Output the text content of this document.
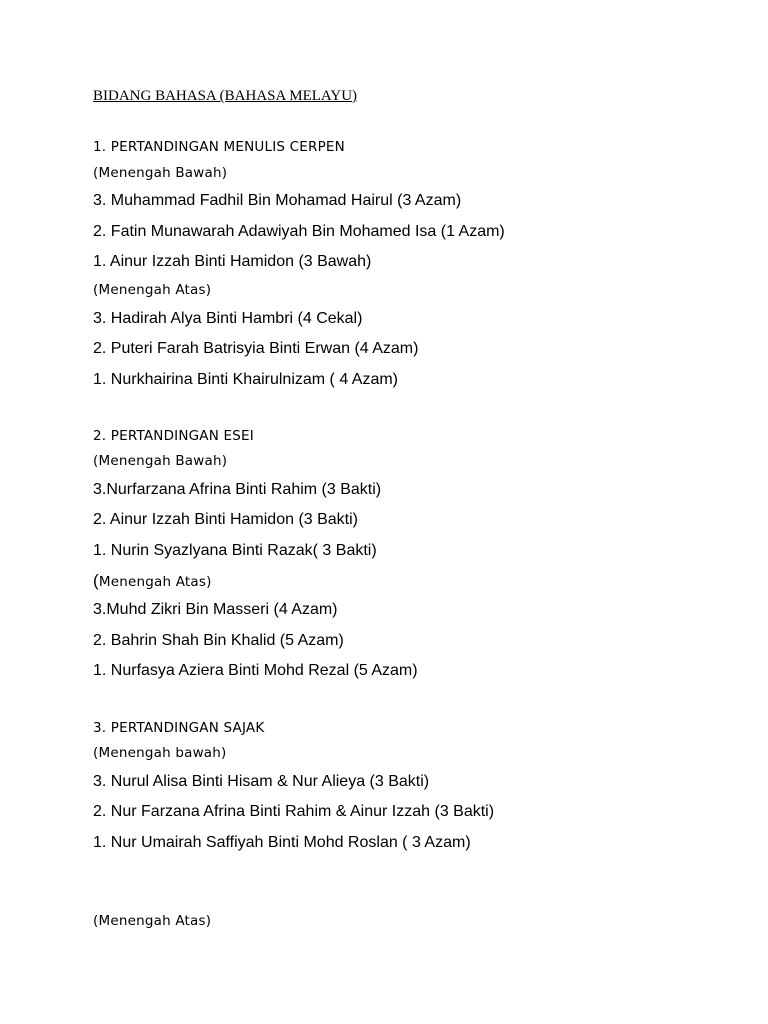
BIDANG BAHASA (BAHASA MELAYU)
1. PERTANDINGAN MENULIS CERPEN
(Menengah Bawah)
3. Muhammad Fadhil Bin Mohamad Hairul (3 Azam)
2. Fatin Munawarah Adawiyah Bin Mohamed Isa (1 Azam)
1. Ainur Izzah Binti Hamidon (3 Bawah)
(Menengah Atas)
3. Hadirah Alya Binti Hambri (4 Cekal)
2. Puteri Farah Batrisyia Binti Erwan (4 Azam)
1. Nurkhairina Binti Khairulnizam ( 4 Azam)
2. PERTANDINGAN ESEI
(Menengah Bawah)
3.Nurfarzana Afrina Binti Rahim (3 Bakti)
2. Ainur Izzah Binti Hamidon (3 Bakti)
1. Nurin Syazlyana Binti Razak( 3 Bakti)
(Menengah Atas)
3.Muhd Zikri Bin Masseri (4 Azam)
2. Bahrin Shah Bin Khalid (5 Azam)
1. Nurfasya Aziera Binti Mohd Rezal (5 Azam)
3. PERTANDINGAN SAJAK
(Menengah bawah)
3. Nurul Alisa Binti Hisam & Nur Alieya (3 Bakti)
2. Nur Farzana Afrina Binti Rahim & Ainur Izzah (3 Bakti)
1. Nur Umairah Saffiyah Binti Mohd Roslan ( 3 Azam)
(Menengah Atas)
